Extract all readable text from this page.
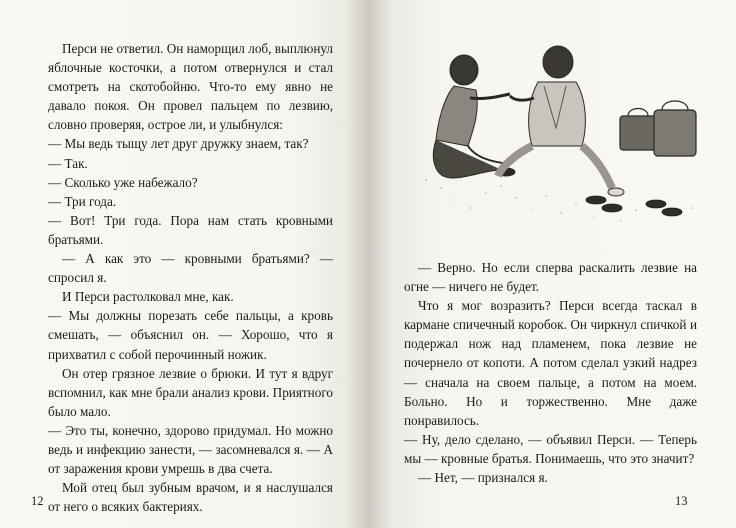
Перси не ответил. Он наморщил лоб, выплюнул яблочные косточки, а потом отвернулся и стал смотреть на скотобойню. Что-то ему явно не давало покоя. Он провел пальцем по лезвию, словно проверяя, острое ли, и улыбнулся:

— Мы ведь тыщу лет друг дружку знаем, так?

— Так.

— Сколько уже набежало?

— Три года.

— Вот! Три года. Пора нам стать кровными братьями.

— А как это — кровными братьями? — спросил я.

И Перси растолковал мне, как.

— Мы должны порезать себе пальцы, а кровь смешать, — объяснил он. — Хорошо, что я прихватил с собой перочинный ножик.

Он отер грязное лезвие о брюки. И тут я вдруг вспомнил, как мне брали анализ крови. Приятного было мало.

— Это ты, конечно, здорово придумал. Но можно ведь и инфекцию занести, — засомневался я. — А от заражения крови умрешь в два счета.

Мой отец был зубным врачом, и я наслушался от него о всяких бактериях.

12

— Верно. Но если сперва раскалить лезвие на огне — ничего не будет.

Что я мог возразить? Перси всегда таскал в кармане спичечный коробок. Он чиркнул спичкой и подержал нож над пламенем, пока лезвие не почернело от копоти. А потом сделал узкий надрез — сначала на своем пальце, а потом на моем. Больно. Но и торжественно. Мне даже понравилось.

— Ну, дело сделано, — объявил Перси. — Теперь мы — кровные братья. Понимаешь, что это значит?

— Нет, — признался я.

13
